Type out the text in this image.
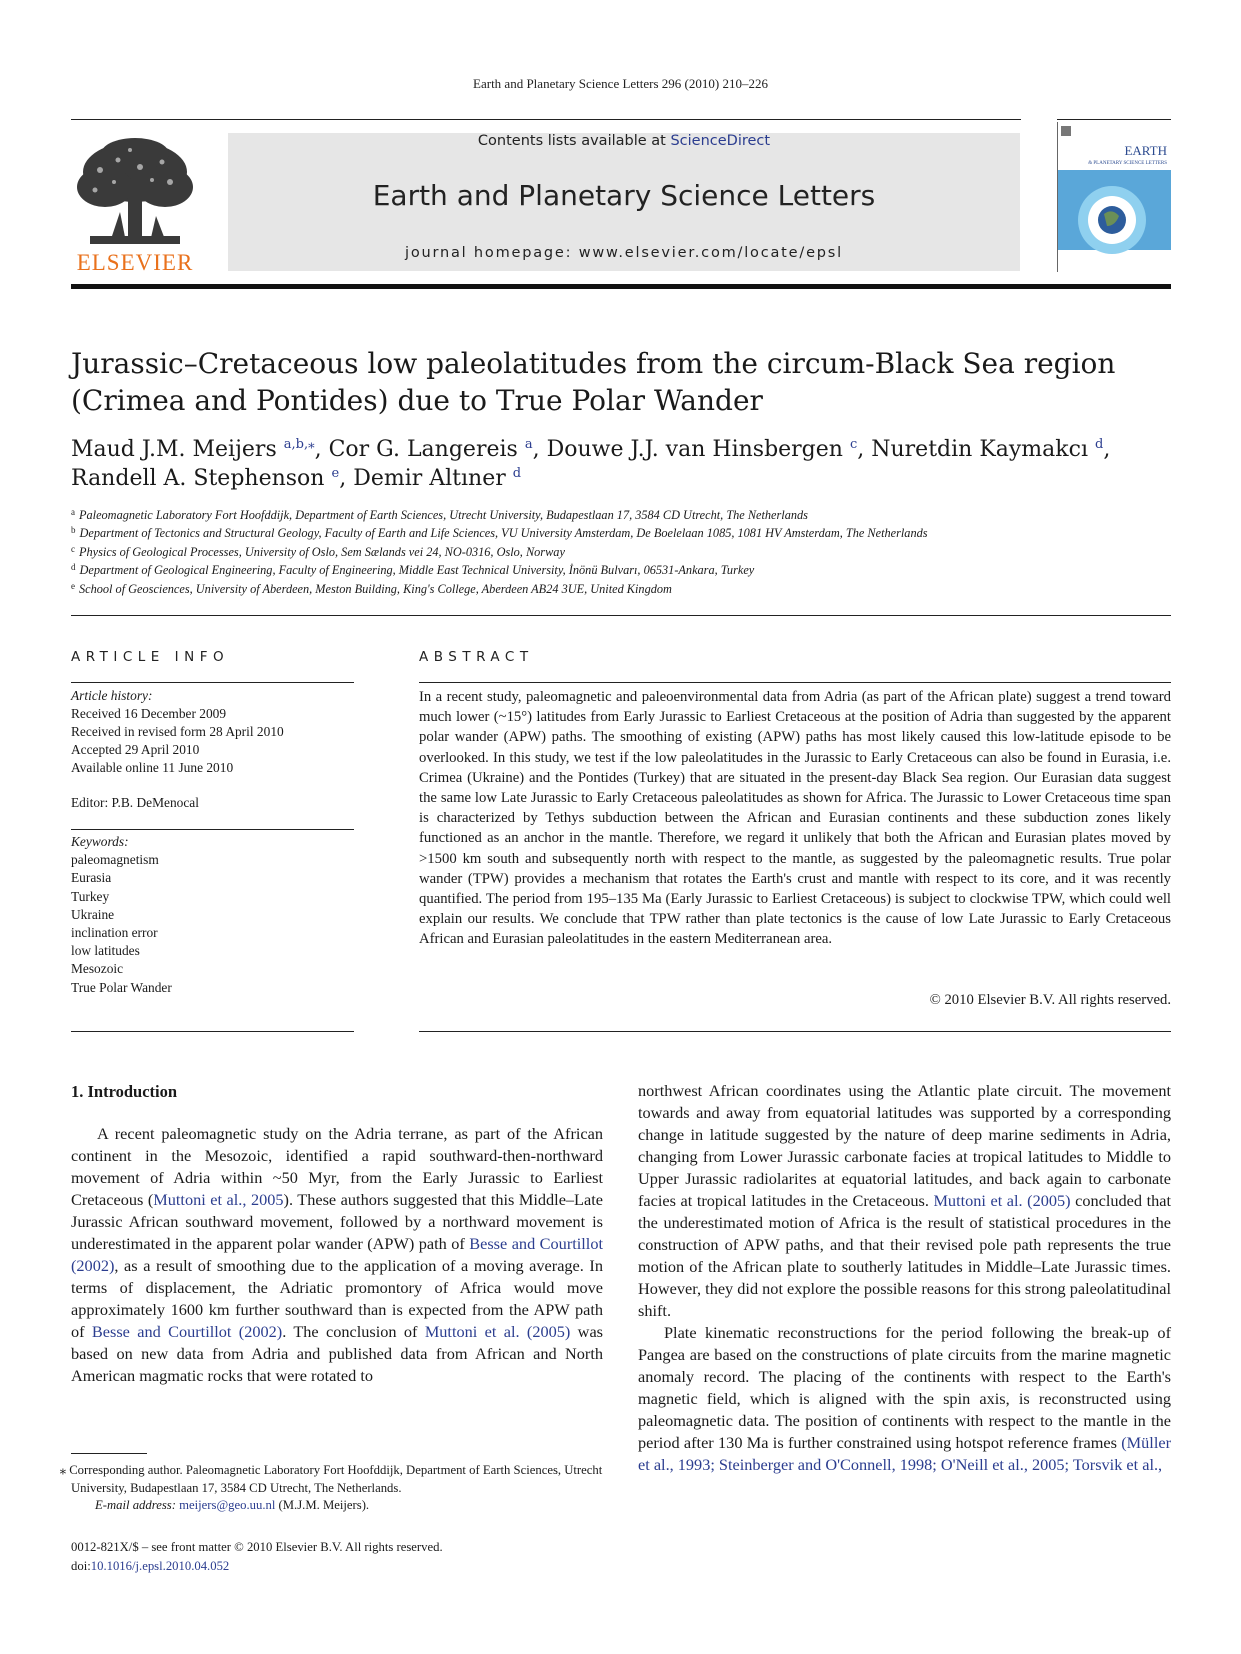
Earth and Planetary Science Letters 296 (2010) 210–226
ELSEVIER
Contents lists available at ScienceDirect
Earth and Planetary Science Letters
journal homepage: www.elsevier.com/locate/epsl
EARTH
& PLANETARY SCIENCE LETTERS
Jurassic–Cretaceous low paleolatitudes from the circum-Black Sea region
(Crimea and Pontides) due to True Polar Wander
Maud J.M. Meijers $^{a,b,⁎}$, Cor G. Langereis $^a$, Douwe J.J. van Hinsbergen $^c$, Nuretdin Kaymakcı $^d$,
Randell A. Stephenson $^e$, Demir Altıner $^d$
$^a$ Paleomagnetic Laboratory Fort Hoofddijk, Department of Earth Sciences, Utrecht University, Budapestlaan 17, 3584 CD Utrecht, The Netherlands
$^b$ Department of Tectonics and Structural Geology, Faculty of Earth and Life Sciences, VU University Amsterdam, De Boelelaan 1085, 1081 HV Amsterdam, The Netherlands
$^c$ Physics of Geological Processes, University of Oslo, Sem Sælands vei 24, NO-0316, Oslo, Norway
$^d$ Department of Geological Engineering, Faculty of Engineering, Middle East Technical University, İnönü Bulvarı, 06531-Ankara, Turkey
$^e$ School of Geosciences, University of Aberdeen, Meston Building, King's College, Aberdeen AB24 3UE, United Kingdom
ARTICLE INFO	ABSTRACT
Article history:
Received 16 December 2009
Received in revised form 28 April 2010
Accepted 29 April 2010
Available online 11 June 2010
Editor: P.B. DeMenocal
Keywords:
paleomagnetism
Eurasia
Turkey
Ukraine
inclination error
low latitudes
Mesozoic
True Polar Wander
In a recent study, paleomagnetic and paleoenvironmental data from Adria (as part of the African plate) suggest a trend toward much lower (~15°) latitudes from Early Jurassic to Earliest Cretaceous at the position of Adria than suggested by the apparent polar wander (APW) paths. The smoothing of existing (APW) paths has most likely caused this low-latitude episode to be overlooked. In this study, we test if the low paleolatitudes in the Jurassic to Early Cretaceous can also be found in Eurasia, i.e. Crimea (Ukraine) and the Pontides (Turkey) that are situated in the present-day Black Sea region. Our Eurasian data suggest the same low Late Jurassic to Early Cretaceous paleolatitudes as shown for Africa. The Jurassic to Lower Cretaceous time span is characterized by Tethys subduction between the African and Eurasian continents and these subduction zones likely functioned as an anchor in the mantle. Therefore, we regard it unlikely that both the African and Eurasian plates moved by >1500 km south and subsequently north with respect to the mantle, as suggested by the paleomagnetic results. True polar wander (TPW) provides a mechanism that rotates the Earth's crust and mantle with respect to its core, and it was recently quantified. The period from 195–135 Ma (Early Jurassic to Earliest Cretaceous) is subject to clockwise TPW, which could well explain our results. We conclude that TPW rather than plate tectonics is the cause of low Late Jurassic to Early Cretaceous African and Eurasian paleolatitudes in the eastern Mediterranean area.
© 2010 Elsevier B.V. All rights reserved.
1. Introduction

A recent paleomagnetic study on the Adria terrane, as part of the African continent in the Mesozoic, identified a rapid southward-then-northward movement of Adria within ~50 Myr, from the Early Jurassic to Earliest Cretaceous (Muttoni et al., 2005). These authors suggested that this Middle–Late Jurassic African southward movement, followed by a northward movement is underestimated in the apparent polar wander (APW) path of Besse and Courtillot (2002), as a result of smoothing due to the application of a moving average. In terms of displacement, the Adriatic promontory of Africa would move approximately 1600 km further southward than is expected from the APW path of Besse and Courtillot (2002). The conclusion of Muttoni et al. (2005) was based on new data from Adria and published data from African and North American magmatic rocks that were rotated to

northwest African coordinates using the Atlantic plate circuit. The movement towards and away from equatorial latitudes was supported by a corresponding change in latitude suggested by the nature of deep marine sediments in Adria, changing from Lower Jurassic carbonate facies at tropical latitudes to Middle to Upper Jurassic radiolarites at equatorial latitudes, and back again to carbonate facies at tropical latitudes in the Cretaceous. Muttoni et al. (2005) concluded that the underestimated motion of Africa is the result of statistical procedures in the construction of APW paths, and that their revised pole path represents the true motion of the African plate to southerly latitudes in Middle–Late Jurassic times. However, they did not explore the possible reasons for this strong paleolatitudinal shift.

Plate kinematic reconstructions for the period following the break-up of Pangea are based on the constructions of plate circuits from the marine magnetic anomaly record. The placing of the continents with respect to the Earth's magnetic field, which is aligned with the spin axis, is reconstructed using paleomagnetic data. The position of continents with respect to the mantle in the period after 130 Ma is further constrained using hotspot reference frames (Müller et al., 1993; Steinberger and O'Connell, 1998; O'Neill et al., 2005; Torsvik et al.,

⁎ Corresponding author. Paleomagnetic Laboratory Fort Hoofddijk, Department of Earth Sciences, Utrecht University, Budapestlaan 17, 3584 CD Utrecht, The Netherlands.
E-mail address: meijers@geo.uu.nl (M.J.M. Meijers).
0012-821X/$ – see front matter © 2010 Elsevier B.V. All rights reserved.
doi:10.1016/j.epsl.2010.04.052
